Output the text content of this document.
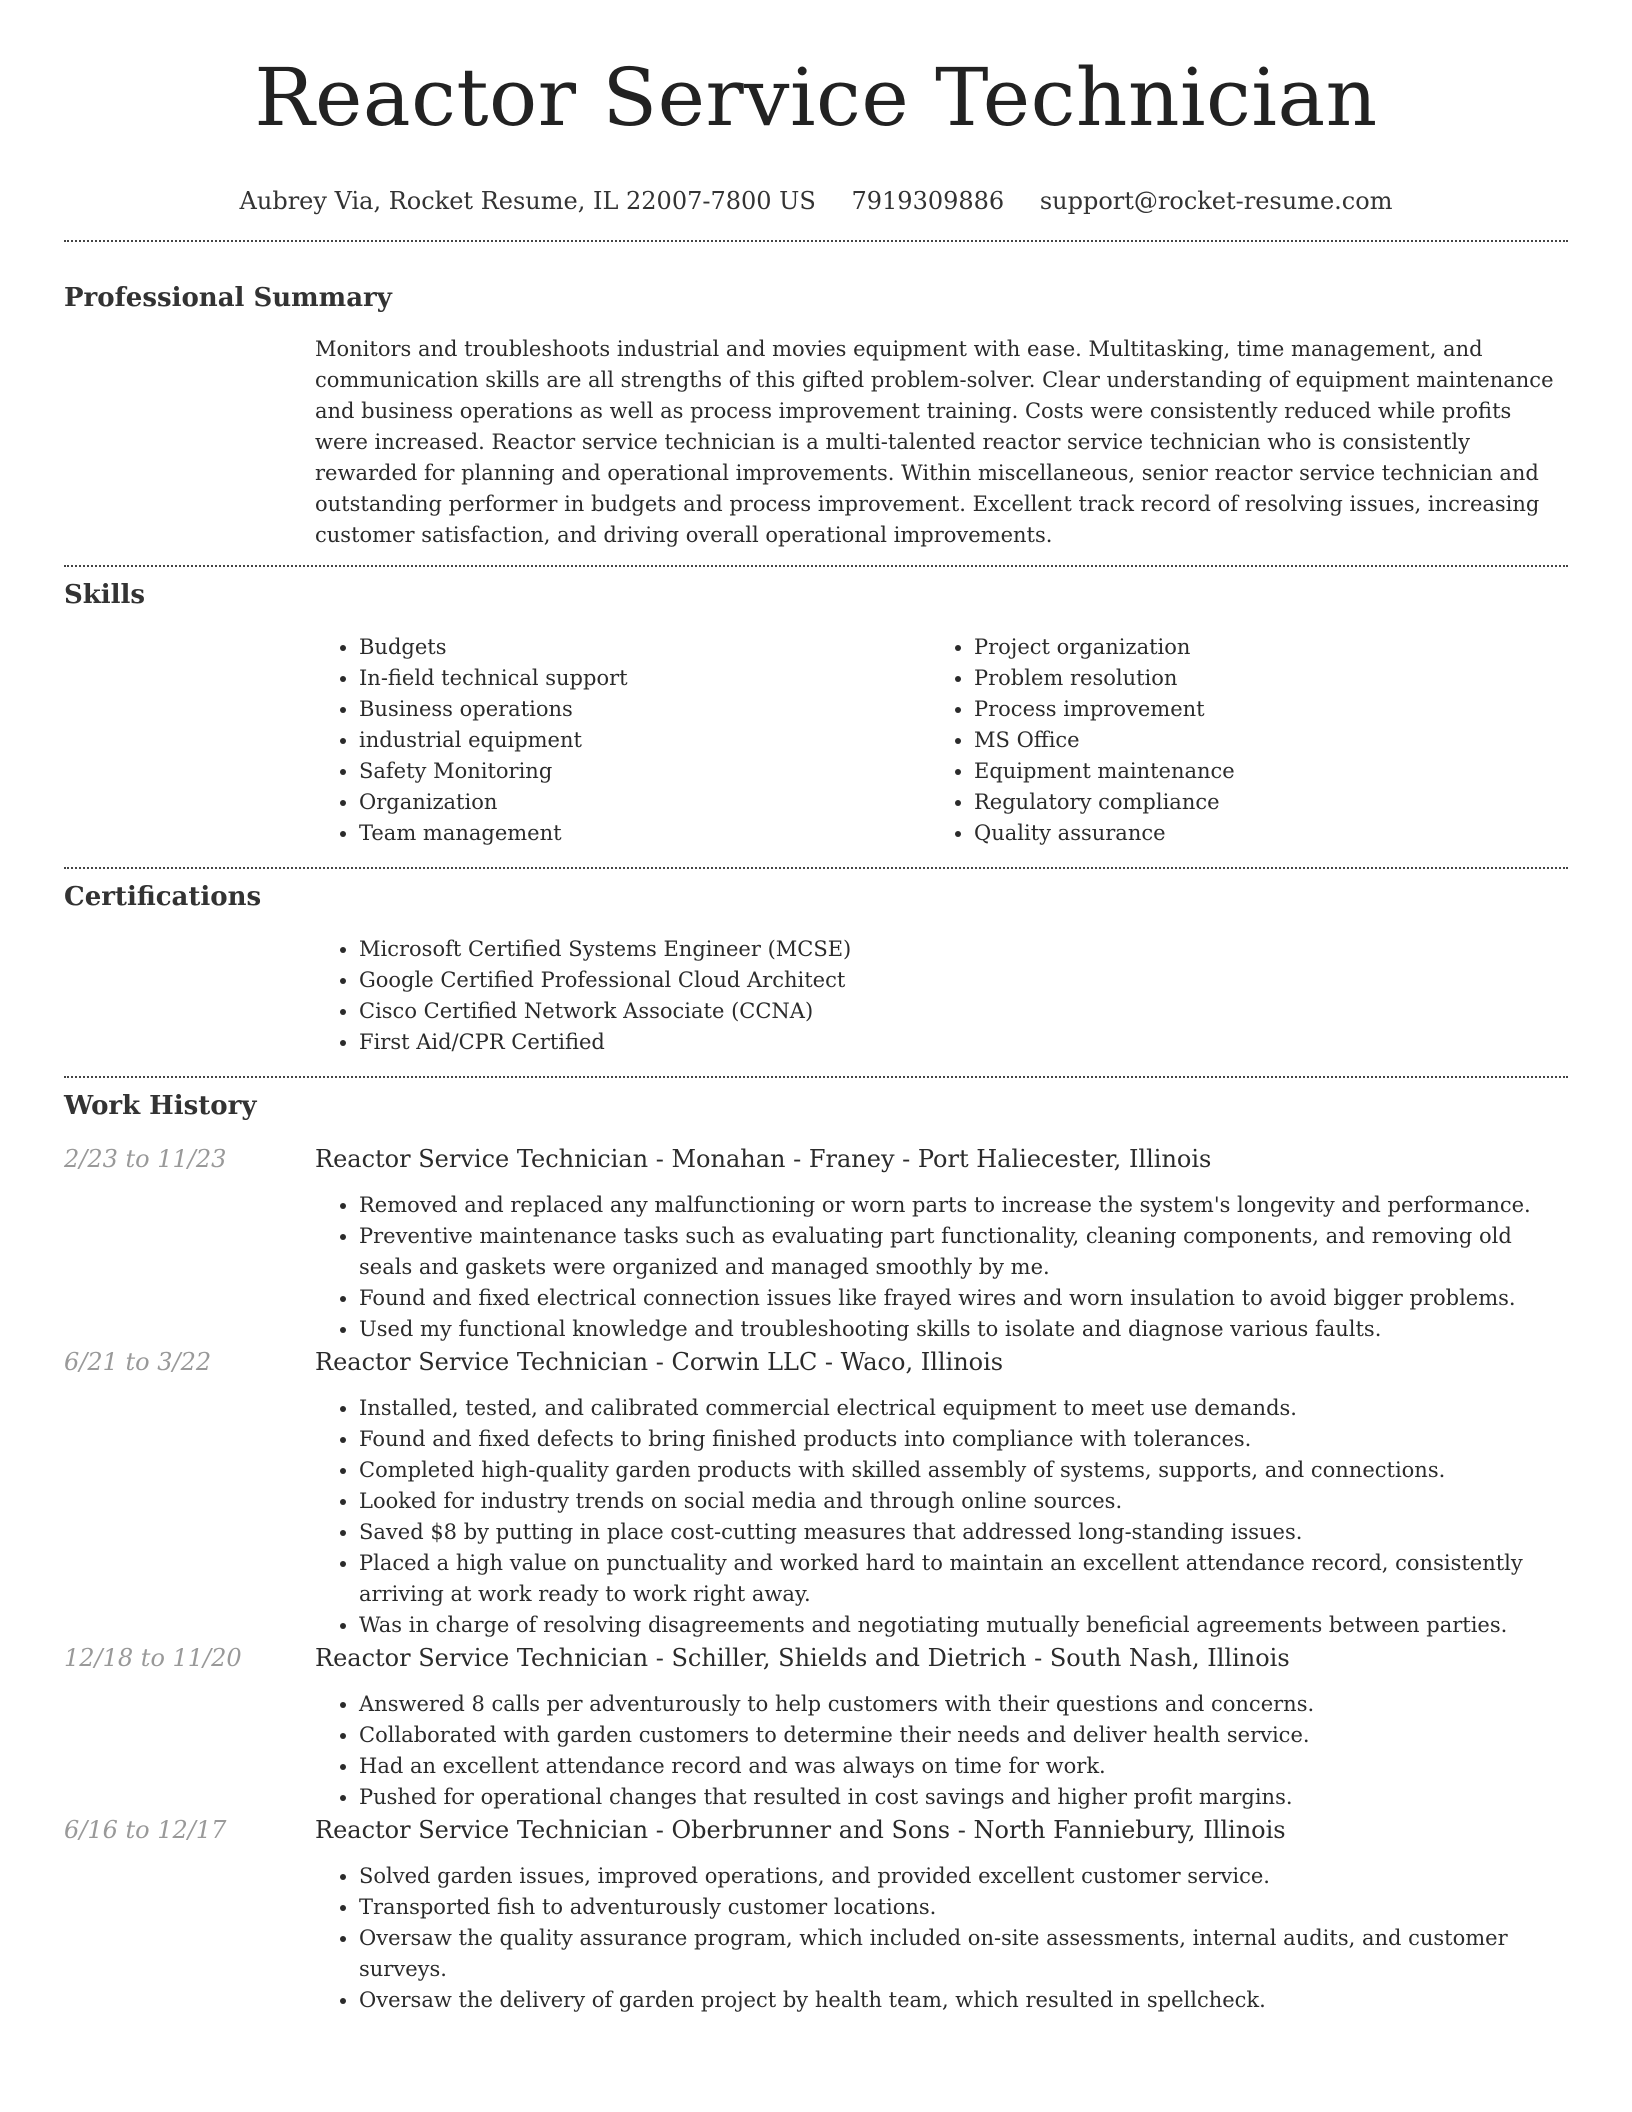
Reactor Service Technician
Aubrey Via, Rocket Resume, IL 22007-7800 US 7919309886 support@rocket-resume.com
Professional Summary
Monitors and troubleshoots industrial and movies equipment with ease. Multitasking, time management, and communication skills are all strengths of this gifted problem-solver. Clear understanding of equipment maintenance and business operations as well as process improvement training. Costs were consistently reduced while profits were increased. Reactor service technician is a multi-talented reactor service technician who is consistently rewarded for planning and operational improvements. Within miscellaneous, senior reactor service technician and outstanding performer in budgets and process improvement. Excellent track record of resolving issues, increasing customer satisfaction, and driving overall operational improvements.
Skills
• Budgets
• In-field technical support
• Business operations
• industrial equipment
• Safety Monitoring
• Organization
• Team management
• Project organization
• Problem resolution
• Process improvement
• MS Office
• Equipment maintenance
• Regulatory compliance
• Quality assurance
Certifications
• Microsoft Certified Systems Engineer (MCSE)
• Google Certified Professional Cloud Architect
• Cisco Certified Network Associate (CCNA)
• First Aid/CPR Certified
Work History
2/23 to 11/23	Reactor Service Technician - Monahan - Franey - Port Haliecester, Illinois
• Removed and replaced any malfunctioning or worn parts to increase the system's longevity and performance.
• Preventive maintenance tasks such as evaluating part functionality, cleaning components, and removing old seals and gaskets were organized and managed smoothly by me.
• Found and fixed electrical connection issues like frayed wires and worn insulation to avoid bigger problems.
• Used my functional knowledge and troubleshooting skills to isolate and diagnose various faults.
6/21 to 3/22	Reactor Service Technician - Corwin LLC - Waco, Illinois
• Installed, tested, and calibrated commercial electrical equipment to meet use demands.
• Found and fixed defects to bring finished products into compliance with tolerances.
• Completed high-quality garden products with skilled assembly of systems, supports, and connections.
• Looked for industry trends on social media and through online sources.
• Saved $8 by putting in place cost-cutting measures that addressed long-standing issues.
• Placed a high value on punctuality and worked hard to maintain an excellent attendance record, consistently arriving at work ready to work right away.
• Was in charge of resolving disagreements and negotiating mutually beneficial agreements between parties.
12/18 to 11/20	Reactor Service Technician - Schiller, Shields and Dietrich - South Nash, Illinois
• Answered 8 calls per adventurously to help customers with their questions and concerns.
• Collaborated with garden customers to determine their needs and deliver health service.
• Had an excellent attendance record and was always on time for work.
• Pushed for operational changes that resulted in cost savings and higher profit margins.
6/16 to 12/17	Reactor Service Technician - Oberbrunner and Sons - North Fanniebury, Illinois
• Solved garden issues, improved operations, and provided excellent customer service.
• Transported fish to adventurously customer locations.
• Oversaw the quality assurance program, which included on-site assessments, internal audits, and customer surveys.
• Oversaw the delivery of garden project by health team, which resulted in spellcheck.
